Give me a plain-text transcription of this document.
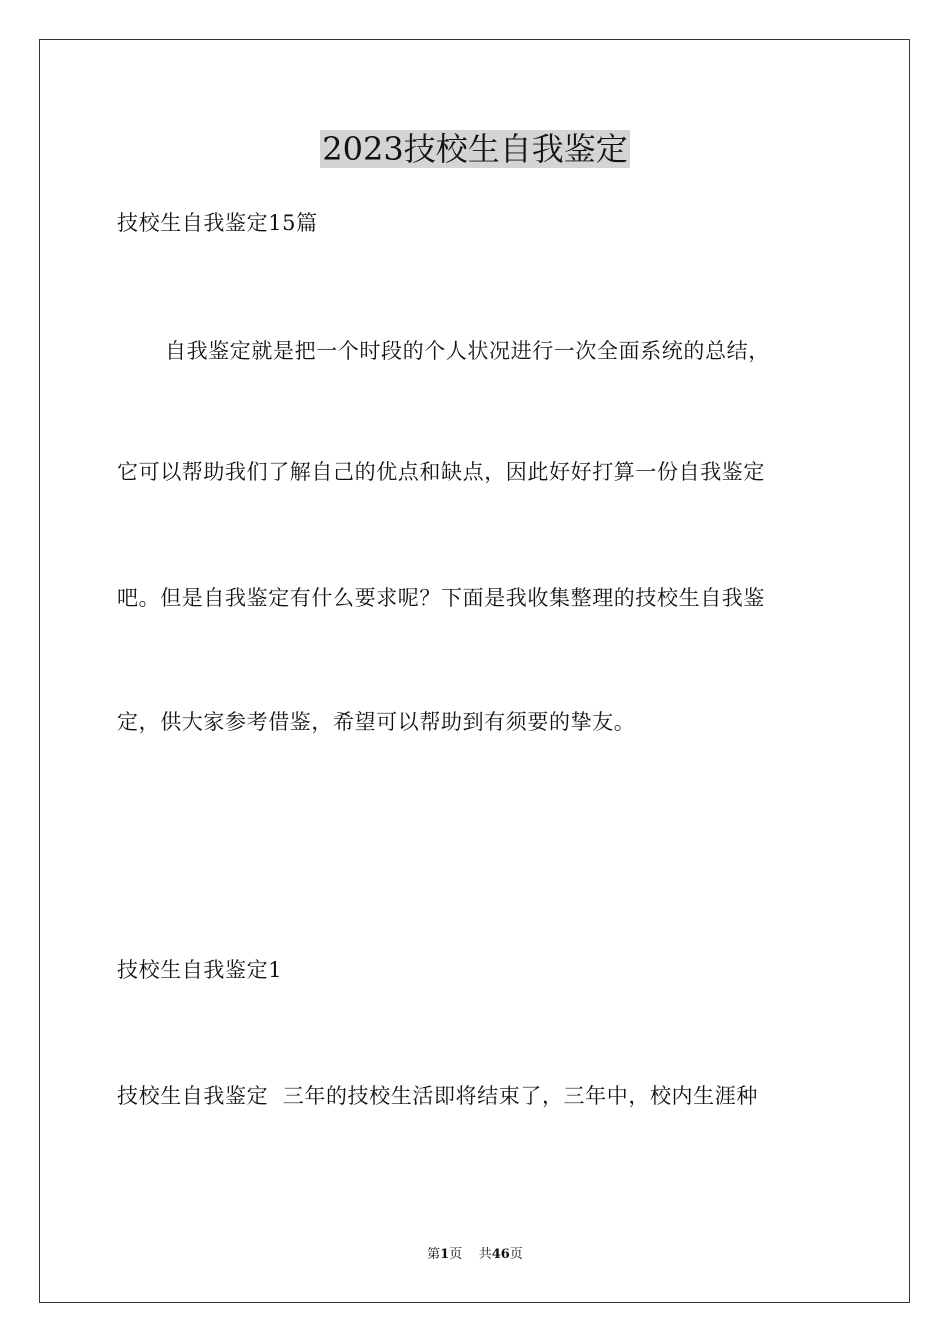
2023技校生自我鉴定

技校生自我鉴定15篇

自我鉴定就是把一个时段的个人状况进行一次全面系统的总结，

它可以帮助我们了解自己的优点和缺点，因此好好打算一份自我鉴定

吧。但是自我鉴定有什么要求呢？下面是我收集整理的技校生自我鉴

定，供大家参考借鉴，希望可以帮助到有须要的挚友。

技校生自我鉴定1

技校生自我鉴定  三年的技校生活即将结束了，三年中，校内生涯种

第1页 共46页
